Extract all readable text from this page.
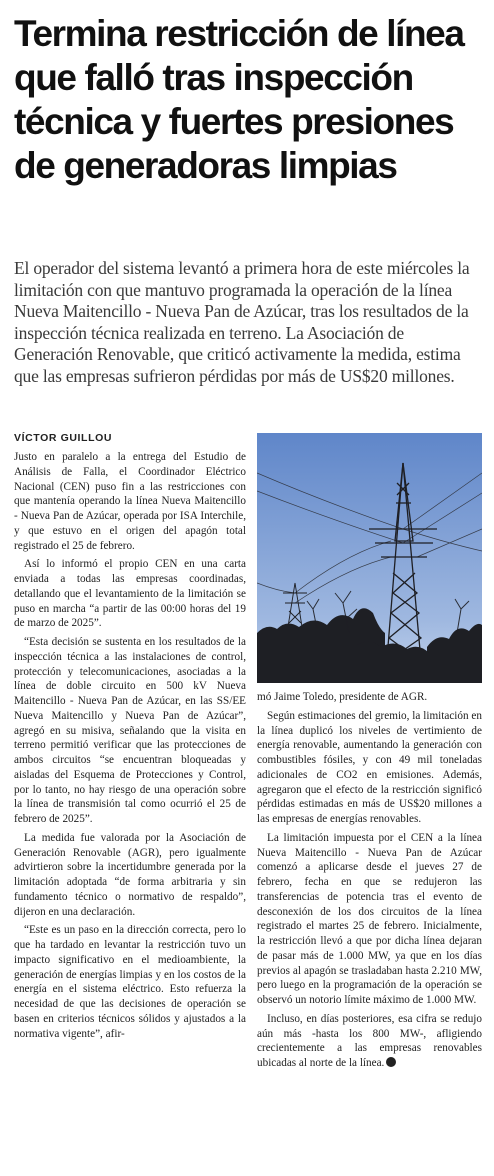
Termina restricción de línea que falló tras inspección técnica y fuertes presiones de generadoras limpias

El operador del sistema levantó a primera hora de este miércoles la limitación con que mantuvo programada la operación de la línea Nueva Maitencillo - Nueva Pan de Azúcar, tras los resultados de la inspección técnica realizada en terreno. La Asociación de Generación Renovable, que criticó activamente la medida, estima que las empresas sufrieron pérdidas por más de US$20 millones.

VÍCTOR GUILLOU

Justo en paralelo a la entrega del Estudio de Análisis de Falla, el Coordinador Eléctrico Nacional (CEN) puso fin a las restricciones con que mantenía operando la línea Nueva Maitencillo - Nueva Pan de Azúcar, operada por ISA Interchile, y que estuvo en el origen del apagón total registrado el 25 de febrero.

Así lo informó el propio CEN en una carta enviada a todas las empresas coordinadas, detallando que el levantamiento de la limitación se puso en marcha “a partir de las 00:00 horas del 19 de marzo de 2025”.

“Esta decisión se sustenta en los resultados de la inspección técnica a las instalaciones de control, protección y telecomunicaciones, asociadas a la línea de doble circuito en 500 kV Nueva Maitencillo - Nueva Pan de Azúcar, en las SS/EE Nueva Maitencillo y Nueva Pan de Azúcar”, agregó en su misiva, señalando que la visita en terreno permitió verificar que las protecciones de ambos circuitos “se encuentran bloqueadas y aisladas del Esquema de Protecciones y Control, por lo tanto, no hay riesgo de una operación sobre la línea de transmisión tal como ocurrió el 25 de febrero de 2025”.

La medida fue valorada por la Asociación de Generación Renovable (AGR), pero igualmente advirtieron sobre la incertidumbre generada por la limitación adoptada “de forma arbitraria y sin fundamento técnico o normativo de respaldo”, dijeron en una declaración.

“Este es un paso en la dirección correcta, pero lo que ha tardado en levantar la restricción tuvo un impacto significativo en el medioambiente, la generación de energías limpias y en los costos de la energía en el sistema eléctrico. Esto refuerza la necesidad de que las decisiones de operación se basen en criterios técnicos sólidos y ajustados a la normativa vigente”, afir-

mó Jaime Toledo, presidente de AGR.

Según estimaciones del gremio, la limitación en la línea duplicó los niveles de vertimiento de energía renovable, aumentando la generación con combustibles fósiles, y con 49 mil toneladas adicionales de CO2 en emisiones. Además, agregaron que el efecto de la restricción significó pérdidas estimadas en más de US$20 millones a las empresas de energías renovables.

La limitación impuesta por el CEN a la línea Nueva Maitencillo - Nueva Pan de Azúcar comenzó a aplicarse desde el jueves 27 de febrero, fecha en que se redujeron las transferencias de potencia tras el evento de desconexión de los dos circuitos de la línea registrado el martes 25 de febrero. Inicialmente, la restricción llevó a que por dicha línea dejaran de pasar más de 1.000 MW, ya que en los días previos al apagón se trasladaban hasta 2.210 MW, pero luego en la programación de la operación se observó un notorio límite máximo de 1.000 MW.

Incluso, en días posteriores, esa cifra se redujo aún más -hasta los 800 MW-, afligiendo crecientemente a las empresas renovables ubicadas al norte de la línea.
